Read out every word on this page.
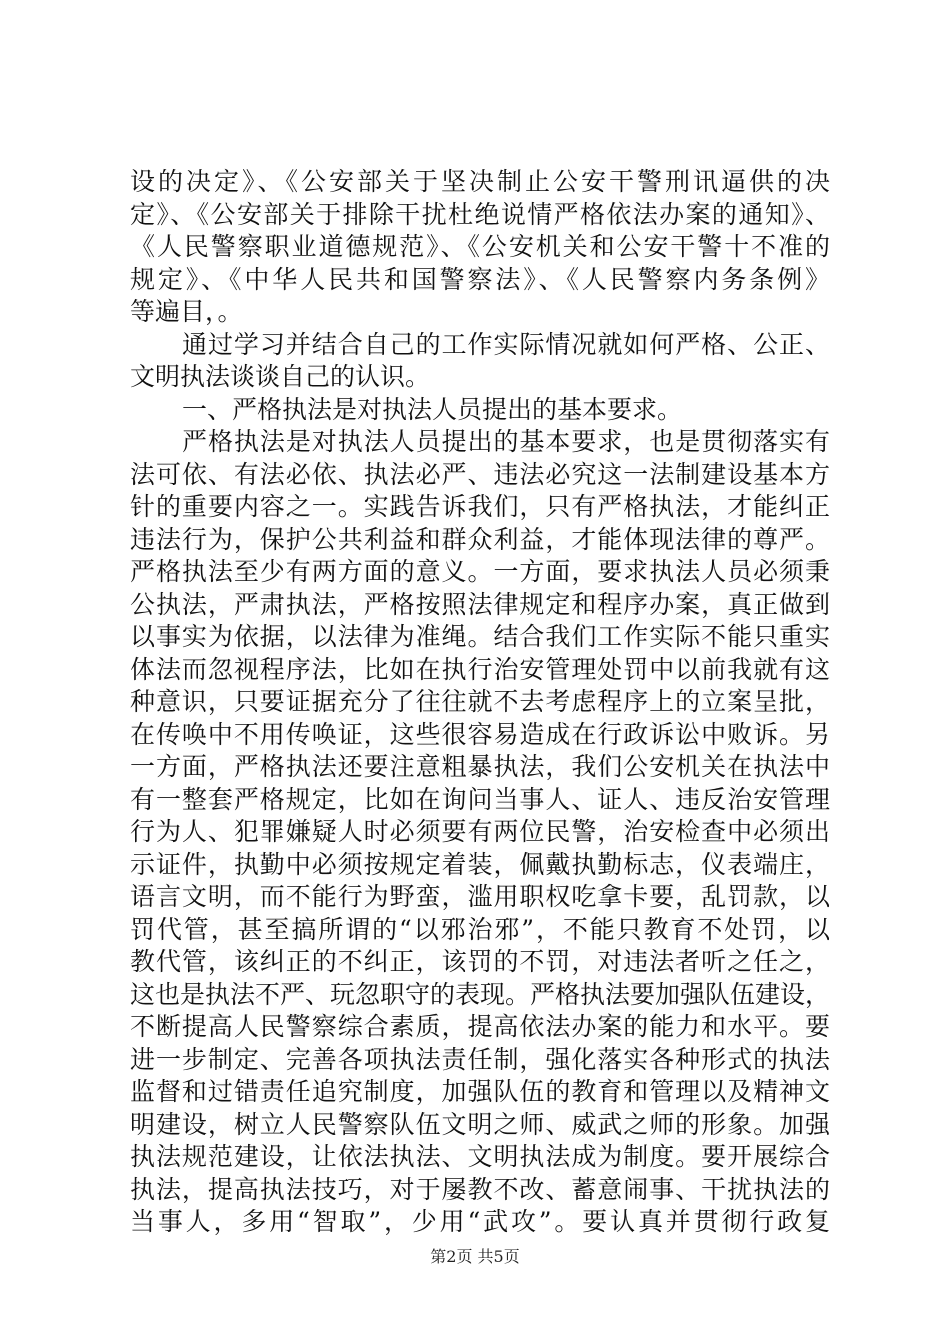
设的决定》、《公安部关于坚决制止公安干警刑讯逼供的决
定》、《公安部关于排除干扰杜绝说情严格依法办案的通知》、
《人民警察职业道德规范》、《公安机关和公安干警十不准的
规定》、《中华人民共和国警察法》、《人民警察内务条例》
等遍目，。
通过学习并结合自己的工作实际情况就如何严格、公正、
文明执法谈谈自己的认识。
一、严格执法是对执法人员提出的基本要求。
严格执法是对执法人员提出的基本要求，也是贯彻落实有
法可依、有法必依、执法必严、违法必究这一法制建设基本方
针的重要内容之一。实践告诉我们，只有严格执法，才能纠正
违法行为，保护公共利益和群众利益，才能体现法律的尊严。
严格执法至少有两方面的意义。一方面，要求执法人员必须秉
公执法，严肃执法，严格按照法律规定和程序办案，真正做到
以事实为依据，以法律为准绳。结合我们工作实际不能只重实
体法而忽视程序法，比如在执行治安管理处罚中以前我就有这
种意识，只要证据充分了往往就不去考虑程序上的立案呈批，
在传唤中不用传唤证，这些很容易造成在行政诉讼中败诉。另
一方面，严格执法还要注意粗暴执法，我们公安机关在执法中
有一整套严格规定，比如在询问当事人、证人、违反治安管理
行为人、犯罪嫌疑人时必须要有两位民警，治安检查中必须出
示证件，执勤中必须按规定着装，佩戴执勤标志，仪表端庄，
语言文明，而不能行为野蛮，滥用职权吃拿卡要，乱罚款，以
罚代管，甚至搞所谓的“以邪治邪”，不能只教育不处罚，以
教代管，该纠正的不纠正，该罚的不罚，对违法者听之任之，
这也是执法不严、玩忽职守的表现。严格执法要加强队伍建设，
不断提高人民警察综合素质，提高依法办案的能力和水平。要
进一步制定、完善各项执法责任制，强化落实各种形式的执法
监督和过错责任追究制度，加强队伍的教育和管理以及精神文
明建设，树立人民警察队伍文明之师、威武之师的形象。加强
执法规范建设，让依法执法、文明执法成为制度。要开展综合
执法，提高执法技巧，对于屡教不改、蓄意闹事、干扰执法的
当事人，多用“智取”，少用“武攻”。要认真并贯彻行政复
第2页 共5页
